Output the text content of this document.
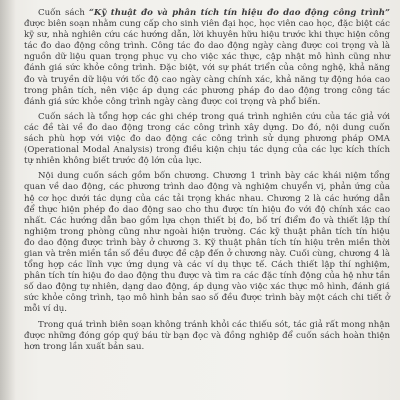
Cuốn sách “Kỹ thuật đo và phân tích tín hiệu đo dao động công trình” được biên soạn nhằm cung cấp cho sinh viên đại học, học viên cao học, đặc biệt các kỹ sư, nhà nghiên cứu các hướng dẫn, lời khuyên hữu hiệu trước khi thực hiện công tác đo dao động công trình. Công tác đo dao động ngày càng được coi trọng và là nguồn dữ liệu quan trọng phục vụ cho việc xác thực, cập nhật mô hình cũng như đánh giá sức khỏe công trình. Đặc biệt, với sự phát triển của công nghệ, khả năng đo và truyền dữ liệu với tốc độ cao ngày càng chính xác, khả năng tự động hóa cao trong phân tích, nên việc áp dụng các phương pháp đo dao động trong công tác đánh giá sức khỏe công trình ngày càng được coi trọng và phổ biến.

Cuốn sách là tổng hợp các ghi chép trong quá trình nghiên cứu của tác giả với các đề tài về đo dao động trong các công trình xây dựng. Do đó, nội dung cuốn sách phù hợp với việc đo dao động các công trình sử dụng phương pháp OMA (Operational Modal Analysis) trong điều kiện chịu tác dụng của các lực kích thích tự nhiên không biết trước độ lớn của lực.

Nội dung cuốn sách gồm bốn chương. Chương 1 trình bày các khái niệm tổng quan về dao động, các phương trình dao động và nghiệm chuyển vị, phản ứng của hệ cơ học dưới tác dụng của các tải trọng khác nhau. Chương 2 là các hướng dẫn để thực hiện phép đo dao động sao cho thu được tín hiệu đo với độ chính xác cao nhất. Các hướng dẫn bao gồm lựa chọn thiết bị đo, bố trí điểm đo và thiết lập thí nghiệm trong phòng cũng như ngoài hiện trường. Các kỹ thuật phân tích tín hiệu đo dao động được trình bày ở chương 3. Kỹ thuật phân tích tín hiệu trên miền thời gian và trên miền tần số đều được đề cập đến ở chương này. Cuối cùng, chương 4 là tổng hợp các lĩnh vực ứng dụng và các ví dụ thực tế. Cách thiết lập thí nghiệm, phân tích tín hiệu đo dao động thu được và tìm ra các đặc tính động của hệ như tần số dao động tự nhiên, dạng dao động, áp dụng vào việc xác thực mô hình, đánh giá sức khỏe công trình, tạo mô hình bản sao số đều được trình bày một cách chi tiết ở mỗi ví dụ.

Trong quá trình biên soạn không tránh khỏi các thiếu sót, tác giả rất mong nhận được những đóng góp quý báu từ bạn đọc và đồng nghiệp để cuốn sách hoàn thiện hơn trong lần xuất bản sau.
